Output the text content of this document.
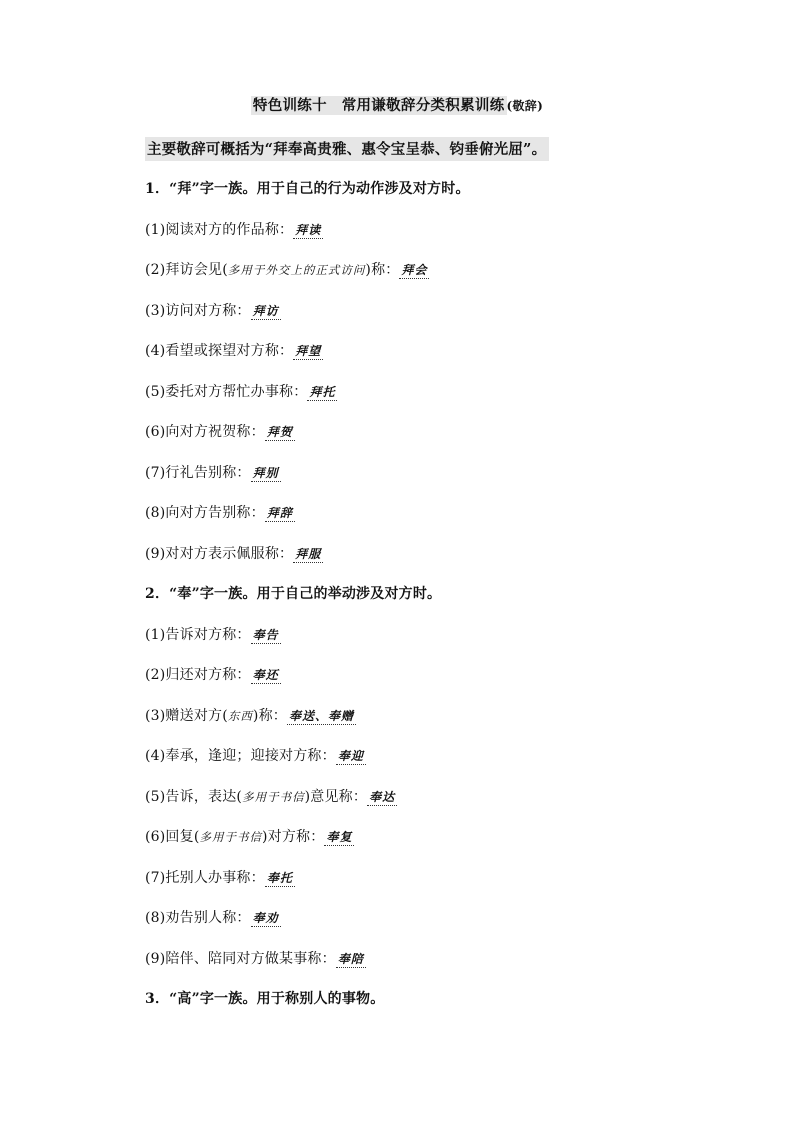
特色训练十　常用谦敬辞分类积累训练 (敬辞)
主要敬辞可概括为“拜奉高贵雅、惠令宝呈恭、钧垂俯光屈”。
1．“拜”字一族。用于自己的行为动作涉及对方时。
(1)阅读对方的作品称： 拜读
(2)拜访会见(多用于外交上的正式访问)称： 拜会
(3)访问对方称： 拜访
(4)看望或探望对方称： 拜望
(5)委托对方帮忙办事称： 拜托
(6)向对方祝贺称： 拜贺
(7)行礼告别称： 拜别
(8)向对方告别称： 拜辞
(9)对对方表示佩服称： 拜服
2．“奉”字一族。用于自己的举动涉及对方时。
(1)告诉对方称： 奉告
(2)归还对方称： 奉还
(3)赠送对方(东西)称： 奉送、奉赠
(4)奉承，逢迎；迎接对方称： 奉迎
(5)告诉，表达(多用于书信)意见称： 奉达
(6)回复(多用于书信)对方称： 奉复
(7)托别人办事称： 奉托
(8)劝告别人称： 奉劝
(9)陪伴、陪同对方做某事称： 奉陪
3．“高”字一族。用于称别人的事物。
